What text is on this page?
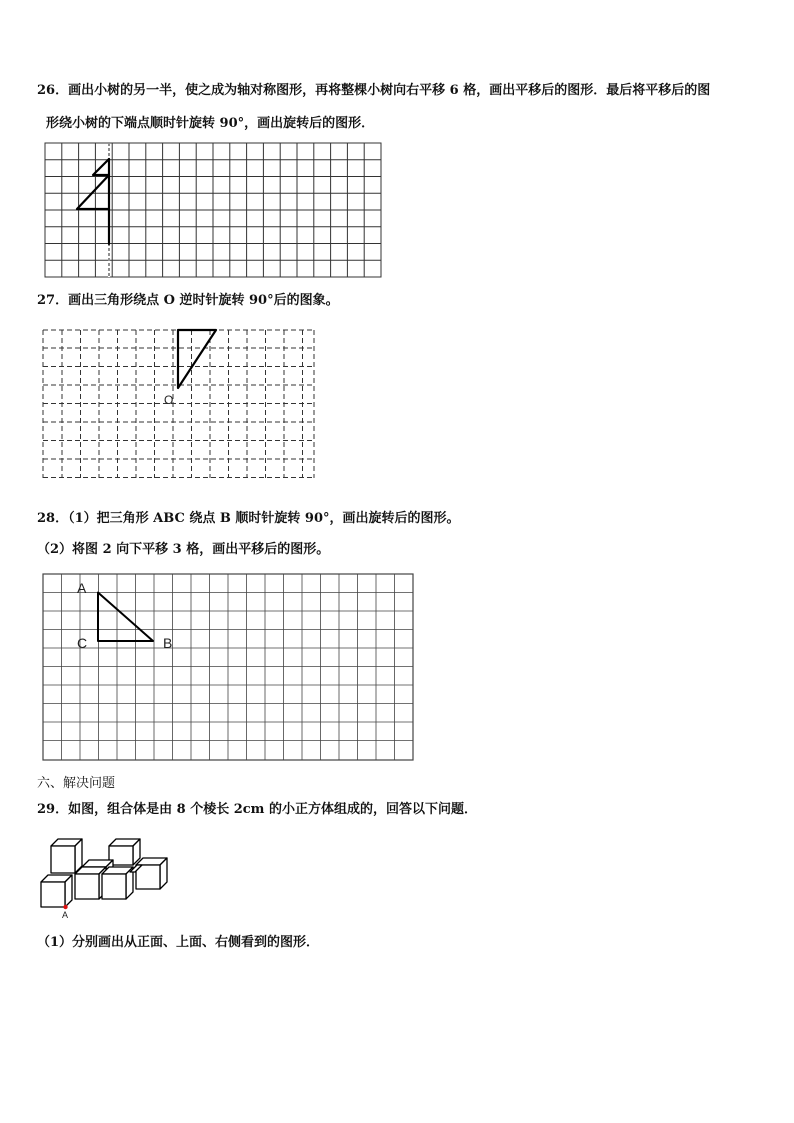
26．画出小树的另一半，使之成为轴对称图形，再将整棵小树向右平移 6 格，画出平移后的图形．最后将平移后的图
形绕小树的下端点顺时针旋转 90°，画出旋转后的图形．
27．画出三角形绕点 O 逆时针旋转 90°后的图象。
O
28．（1）把三角形 ABC 绕点 B 顺时针旋转 90°，画出旋转后的图形。
（2）将图 2 向下平移 3 格，画出平移后的图形。
A
C	B
六、解决问题
29．如图，组合体是由 8 个棱长 2cm 的小正方体组成的，回答以下问题．
A
（1）分别画出从正面、上面、右侧看到的图形．
